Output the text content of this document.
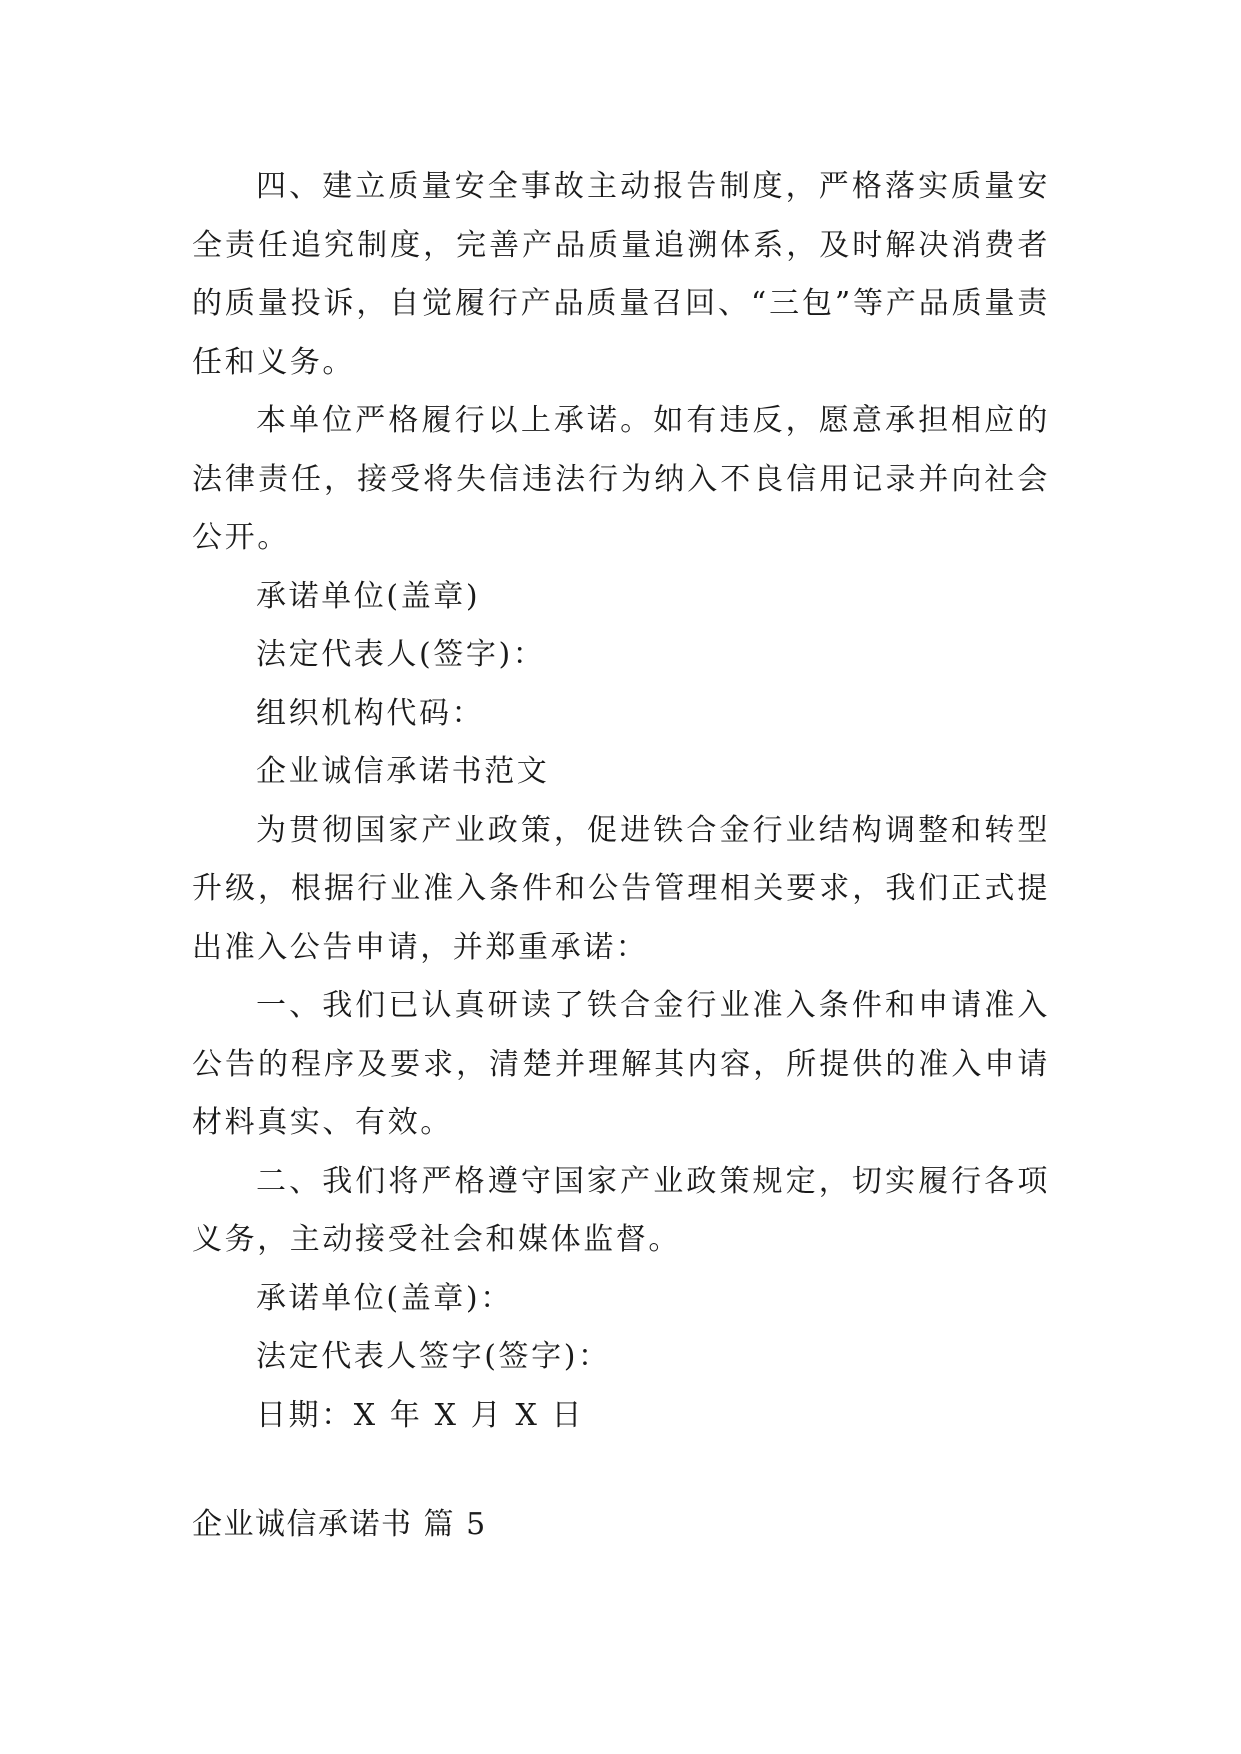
四、建立质量安全事故主动报告制度，严格落实质量安全责任追究制度，完善产品质量追溯体系，及时解决消费者的质量投诉，自觉履行产品质量召回、“三包”等产品质量责任和义务。

本单位严格履行以上承诺。如有违反，愿意承担相应的法律责任，接受将失信违法行为纳入不良信用记录并向社会公开。

承诺单位(盖章)

法定代表人(签字)：

组织机构代码：

企业诚信承诺书范文

为贯彻国家产业政策，促进铁合金行业结构调整和转型升级，根据行业准入条件和公告管理相关要求，我们正式提出准入公告申请，并郑重承诺：

一、我们已认真研读了铁合金行业准入条件和申请准入公告的程序及要求，清楚并理解其内容，所提供的准入申请材料真实、有效。

二、我们将严格遵守国家产业政策规定，切实履行各项义务，主动接受社会和媒体监督。

承诺单位(盖章)：

法定代表人签字(签字)：

日期：X 年 X 月 X 日

企业诚信承诺书 篇 5
